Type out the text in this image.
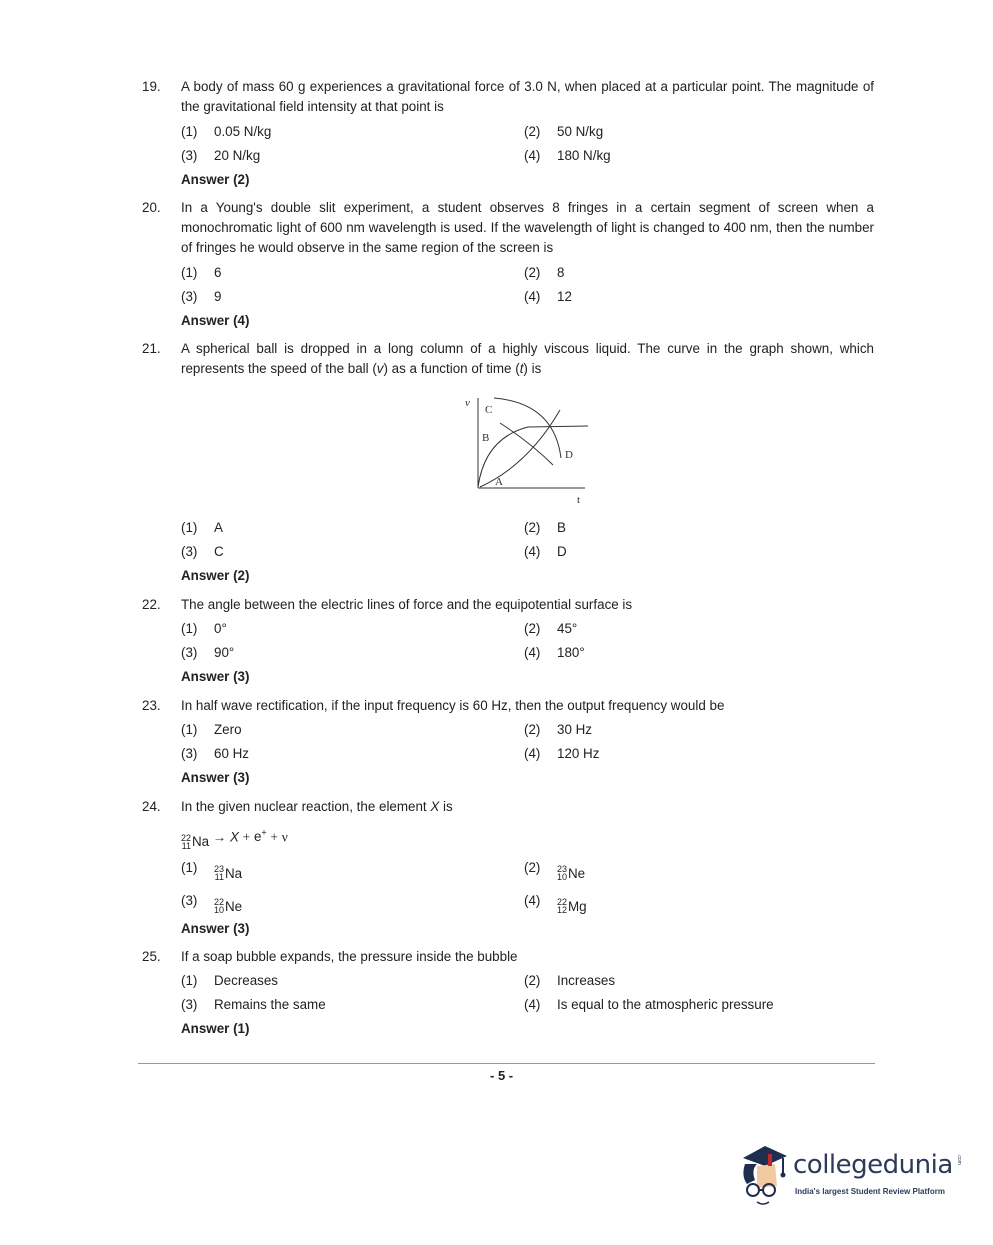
19. A body of mass 60 g experiences a gravitational force of 3.0 N, when placed at a particular point. The magnitude of the gravitational field intensity at that point is
(1) 0.05 N/kg	(2) 50 N/kg
(3) 20 N/kg	(4) 180 N/kg
Answer (2)
20. In a Young's double slit experiment, a student observes 8 fringes in a certain segment of screen when a monochromatic light of 600 nm wavelength is used. If the wavelength of light is changed to 400 nm, then the number of fringes he would observe in the same region of the screen is
(1) 6	(2) 8
(3) 9	(4) 12
Answer (4)
21. A spherical ball is dropped in a long column of a highly viscous liquid. The curve in the graph shown, which represents the speed of the ball (v) as a function of time (t) is
v
t
C
B
D
A
(1) A	(2) B
(3) C	(4) D
Answer (2)
22. The angle between the electric lines of force and the equipotential surface is
(1) 0°	(2) 45°
(3) 90°	(4) 180°
Answer (3)
23. In half wave rectification, if the input frequency is 60 Hz, then the output frequency would be
(1) Zero	(2) 30 Hz
(3) 60 Hz	(4) 120 Hz
Answer (3)
24. In the given nuclear reaction, the element X is
22
11 Na → X + e+ + ν
(1) 23
11 Na	(2) 23
10 Ne
(3) 22
10 Ne	(4) 22
12 Mg
Answer (3)
25. If a soap bubble expands, the pressure inside the bubble
(1) Decreases	(2) Increases
(3) Remains the same	(4) Is equal to the atmospheric pressure
Answer (1)
- 5 -
collegedunia .com
India's largest Student Review Platform
